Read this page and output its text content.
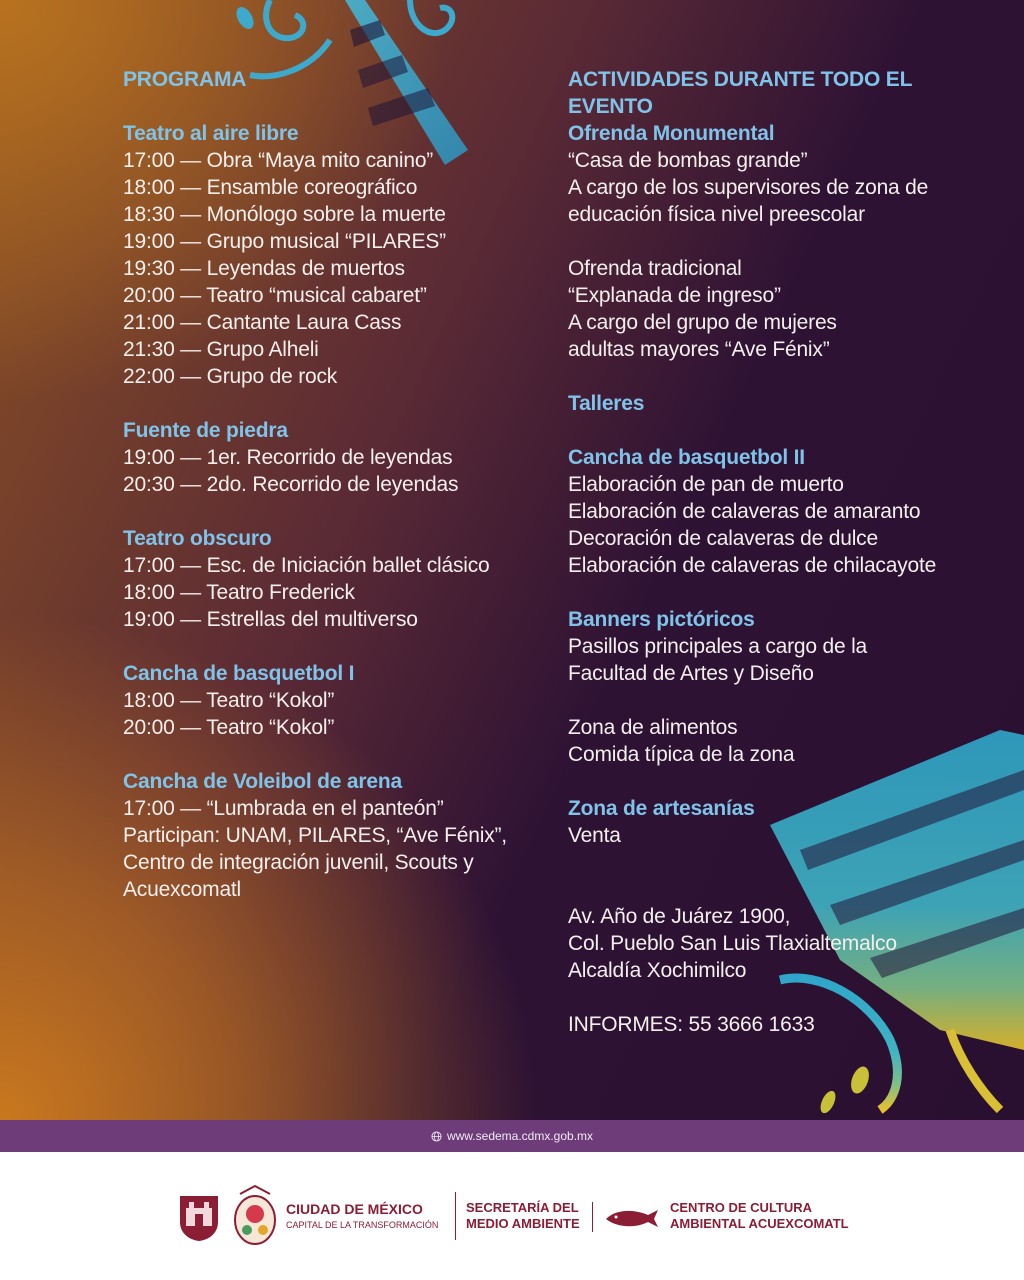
PROGRAMA
Teatro al aire libre
17:00 — Obra “Maya mito canino”
18:00 — Ensamble coreográfico
18:30 — Monólogo sobre la muerte
19:00 — Grupo musical “PILARES”
19:30 — Leyendas de muertos
20:00 — Teatro “musical cabaret”
21:00 — Cantante Laura Cass
21:30 — Grupo Alheli
22:00 — Grupo de rock
Fuente de piedra
19:00 — 1er. Recorrido de leyendas
20:30 — 2do. Recorrido de leyendas
Teatro obscuro
17:00 — Esc. de Iniciación ballet clásico
18:00 — Teatro Frederick
19:00 — Estrellas del multiverso
Cancha de basquetbol I
18:00 — Teatro “Kokol”
20:00 — Teatro “Kokol”
Cancha de Voleibol de arena
17:00 — “Lumbrada en el panteón”
Participan: UNAM, PILARES, “Ave Fénix”,
Centro de integración juvenil, Scouts y
Acuexcomatl
ACTIVIDADES DURANTE TODO EL EVENTO
Ofrenda Monumental
“Casa de bombas grande”
A cargo de los supervisores de zona de
educación física nivel preescolar
Ofrenda tradicional
“Explanada de ingreso”
A cargo del grupo de mujeres
adultas mayores “Ave Fénix”
Talleres
Cancha de basquetbol II
Elaboración de pan de muerto
Elaboración de calaveras de amaranto
Decoración de calaveras de dulce
Elaboración de calaveras de chilacayote
Banners pictóricos
Pasillos principales a cargo de la
Facultad de Artes y Diseño
Zona de alimentos
Comida típica de la zona
Zona de artesanías
Venta
Av. Año de Juárez 1900,
Col. Pueblo San Luis Tlaxialtemalco
Alcaldía Xochimilco
INFORMES: 55 3666 1633
www.sedema.cdmx.gob.mx
CIUDAD DE MÉXICO
CAPITAL DE LA TRANSFORMACIÓN
SECRETARÍA DEL
MEDIO AMBIENTE
CENTRO DE CULTURA
AMBIENTAL ACUEXCOMATL
